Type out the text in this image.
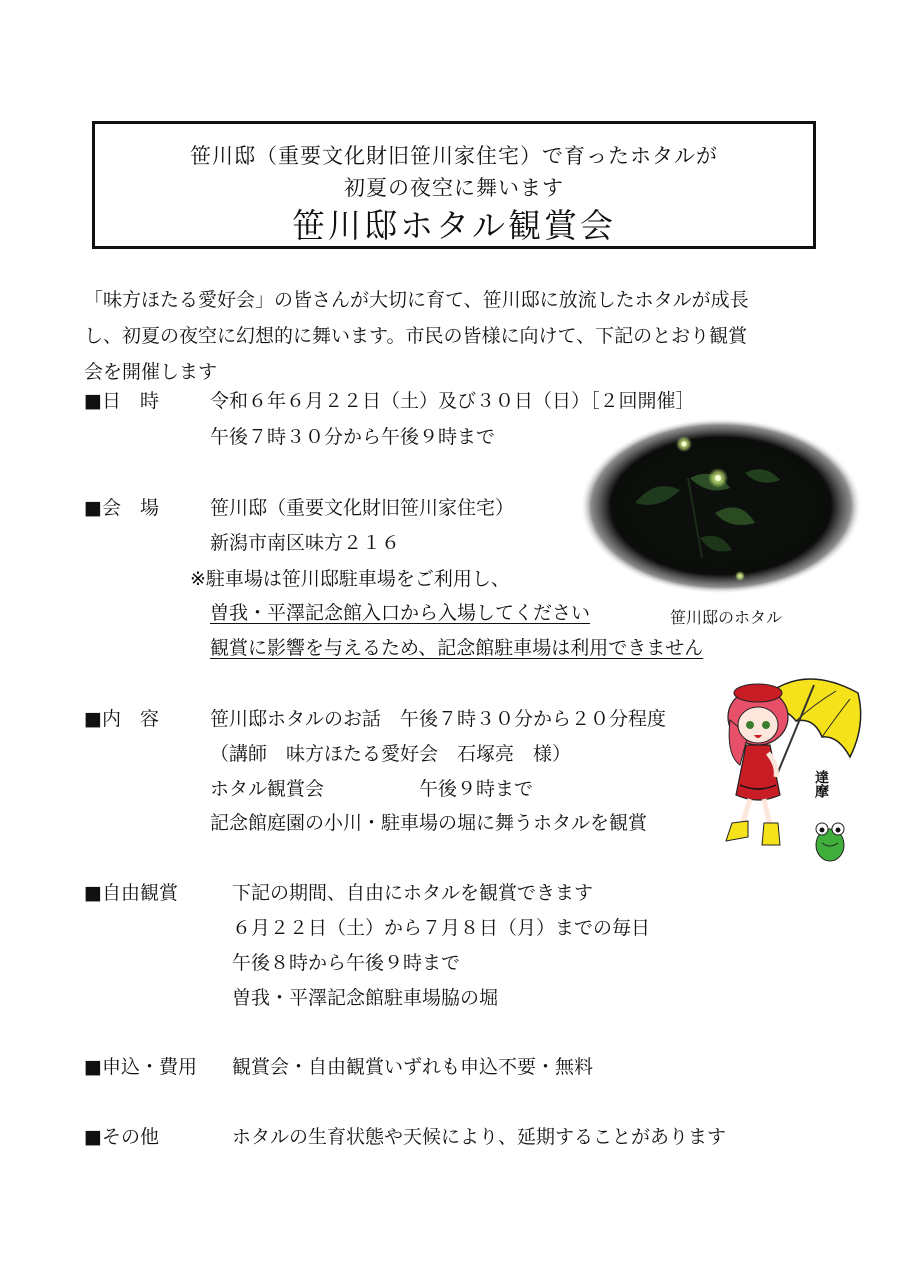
笹川邸（重要文化財旧笹川家住宅）で育ったホタルが
初夏の夜空に舞います
笹川邸ホタル観賞会

「味方ほたる愛好会」の皆さんが大切に育て、笹川邸に放流したホタルが成長

し、初夏の夜空に幻想的に舞います。市民の皆様に向けて、下記のとおり観賞

会を開催します

■日　時	令和６年６月２２日（土）及び３０日（日）［２回開催］
午後７時３０分から午後９時まで
■会　場	笹川邸（重要文化財旧笹川家住宅）
新潟市南区味方２１６
※駐車場は笹川邸駐車場をご利用し、
曽我・平澤記念館入口から入場してください
観賞に影響を与えるため、記念館駐車場は利用できません
笹川邸のホタル
■内　容	笹川邸ホタルのお話　午後７時３０分から２０分程度
（講師　味方ほたる愛好会　石塚亮　様）
ホタル観賞会　　　　　午後９時まで
記念館庭園の小川・駐車場の堀に舞うホタルを観賞
達摩
■自由観賞	下記の期間、自由にホタルを観賞できます
６月２２日（土）から７月８日（月）までの毎日
午後８時から午後９時まで
曽我・平澤記念館駐車場脇の堀
■申込・費用 観賞会・自由観賞いずれも申込不要・無料
■その他	ホタルの生育状態や天候により、延期することがあります
